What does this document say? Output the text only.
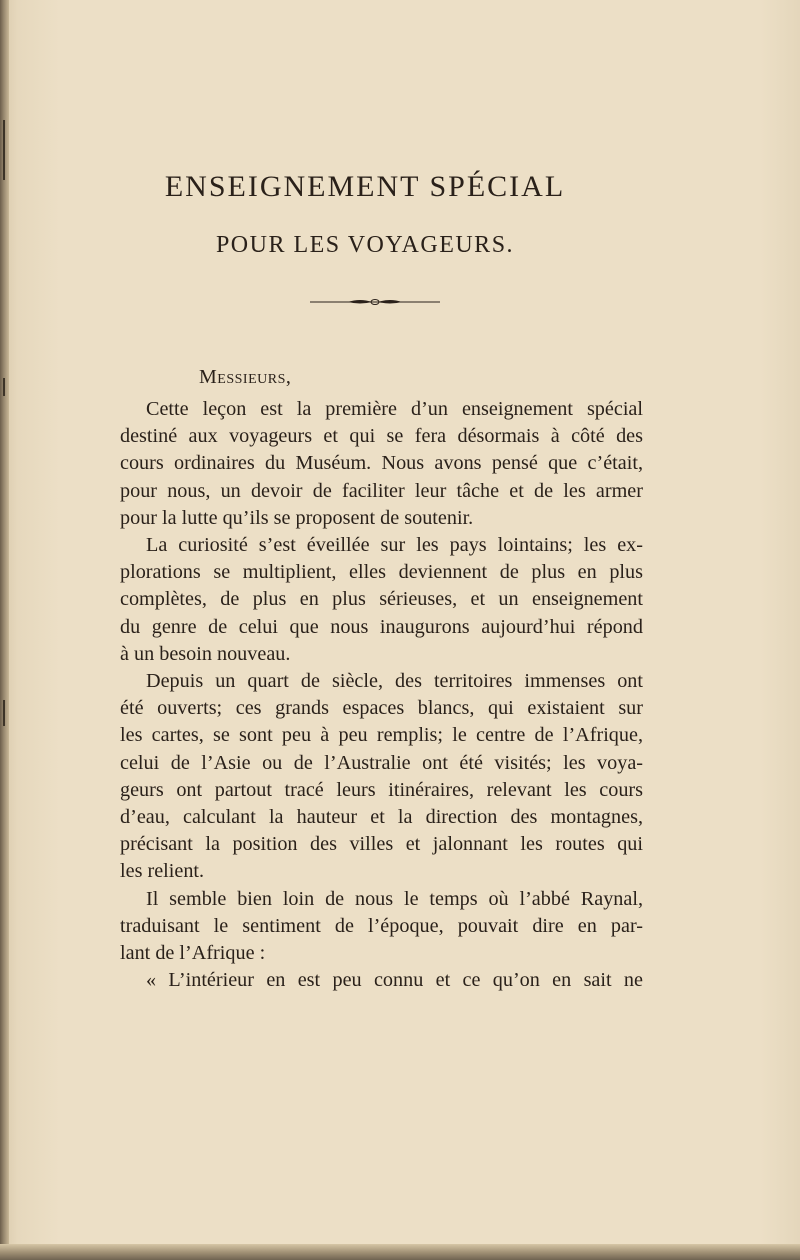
ENSEIGNEMENT SPÉCIAL
POUR LES VOYAGEURS.
Messieurs,
Cette leçon est la première d’un enseignement spécial
destiné aux voyageurs et qui se fera désormais à côté des
cours ordinaires du Muséum. Nous avons pensé que c’était,
pour nous, un devoir de faciliter leur tâche et de les armer
pour la lutte qu’ils se proposent de soutenir.
La curiosité s’est éveillée sur les pays lointains; les ex-
plorations se multiplient, elles deviennent de plus en plus
complètes, de plus en plus sérieuses, et un enseignement
du genre de celui que nous inaugurons aujourd’hui répond
à un besoin nouveau.
Depuis un quart de siècle, des territoires immenses ont
été ouverts; ces grands espaces blancs, qui existaient sur
les cartes, se sont peu à peu remplis; le centre de l’Afrique,
celui de l’Asie ou de l’Australie ont été visités; les voya-
geurs ont partout tracé leurs itinéraires, relevant les cours
d’eau, calculant la hauteur et la direction des montagnes,
précisant la position des villes et jalonnant les routes qui
les relient.
Il semble bien loin de nous le temps où l’abbé Raynal,
traduisant le sentiment de l’époque, pouvait dire en par-
lant de l’Afrique :
« L’intérieur en est peu connu et ce qu’on en sait ne
